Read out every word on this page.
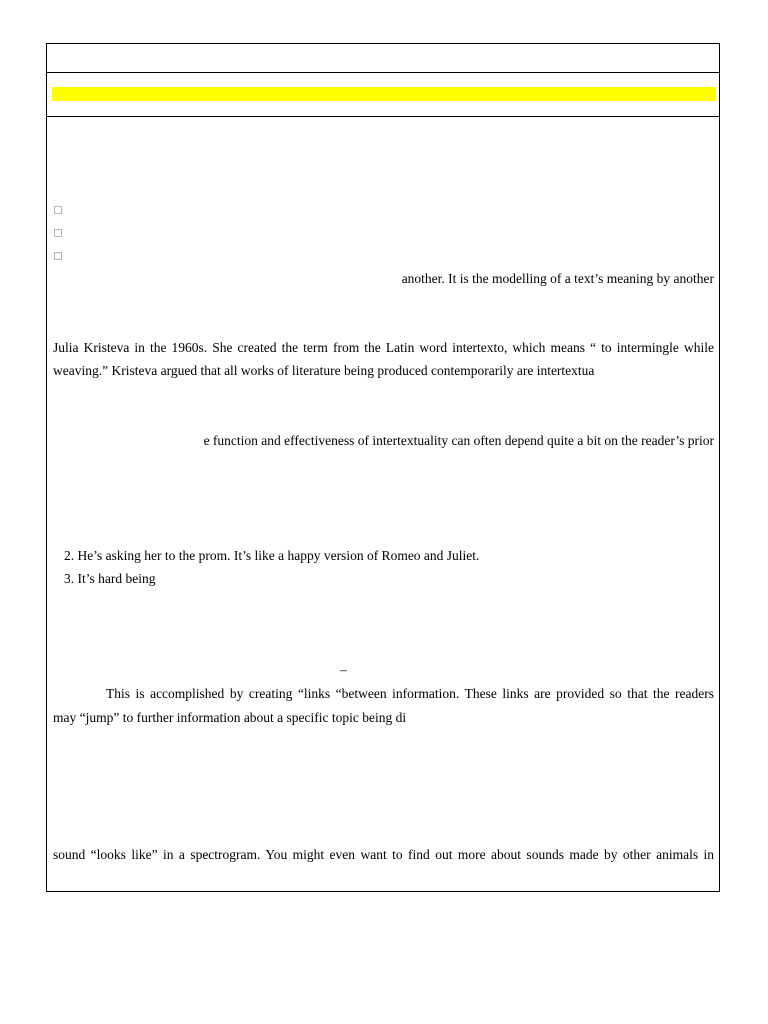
another. It is the modelling of a text’s meaning by another
Julia Kristeva in the 1960s. She created the term from the Latin word intertexto, which means “ to intermingle while
weaving.” Kristeva argued that all works of literature being produced contemporarily are intertextua
e function and effectiveness of intertextuality can often depend quite a bit on the reader’s prior
2. He’s asking her to the prom. It’s like a happy version of Romeo and Juliet.
3. It’s hard being
–
This is accomplished by creating “links “between information. These links are provided so that the readers
may “jump” to further information about a specific topic being di
sound “looks like” in a spectrogram. You might even want to find out more about sounds made by other animals in
